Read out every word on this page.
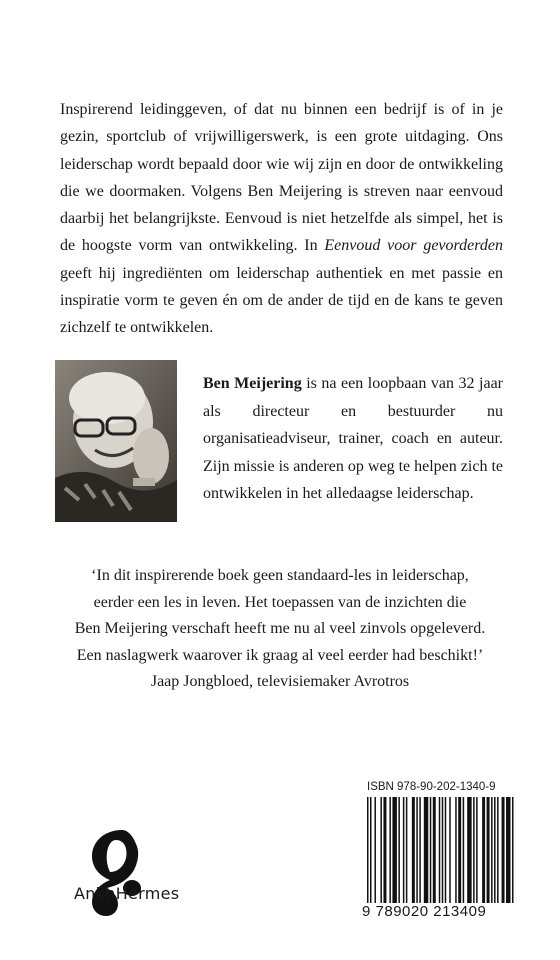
Inspirerend leidinggeven, of dat nu binnen een bedrijf is of in je gezin, sportclub of vrijwilligerswerk, is een grote uitdaging. Ons leiderschap wordt bepaald door wie wij zijn en door de ontwikkeling die we doormaken. Volgens Ben Meijering is streven naar eenvoud daarbij het belangrijkste. Eenvoud is niet hetzelfde als simpel, het is de hoogste vorm van ontwikkeling. In Eenvoud voor gevorderden geeft hij ingrediënten om leiderschap authentiek en met passie en inspiratie vorm te geven én om de ander de tijd en de kans te geven zichzelf te ontwikkelen.
Ben Meijering is na een loopbaan van 32 jaar als directeur en bestuurder nu organisatieadviseur, trainer, coach en auteur. Zijn missie is anderen op weg te helpen zich te ontwikkelen in het alledaagse leiderschap.

‘In dit inspirerende boek geen standaard-les in leiderschap,

eerder een les in leven. Het toepassen van de inzichten die

Ben Meijering verschaft heeft me nu al veel zinvols opgeleverd.

Een naslagwerk waarover ik graag al veel eerder had beschikt!’

Jaap Jongbloed, televisiemaker Avrotros

AnkhHermes
ISBN 978-90-202-1340-9
9 789020 213409
